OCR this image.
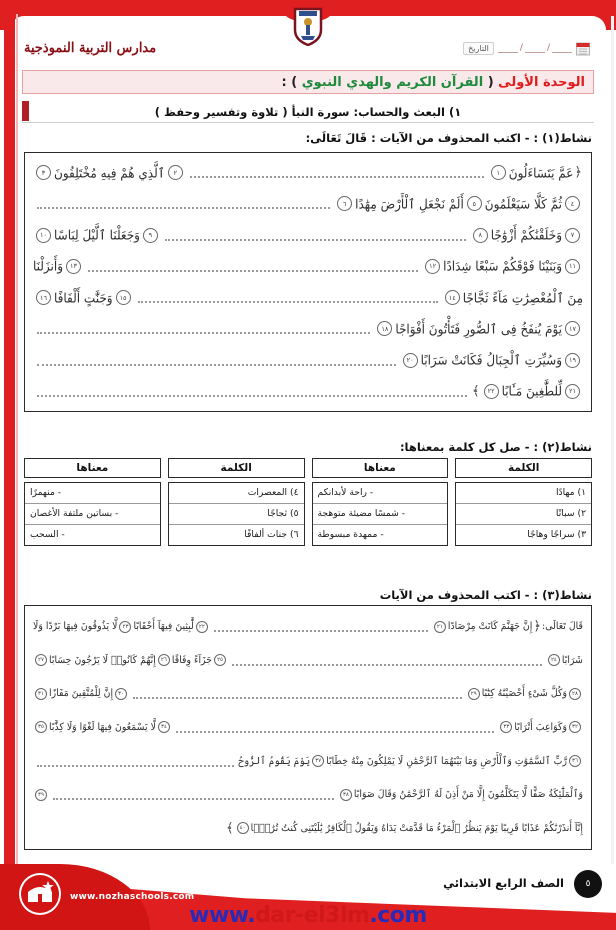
/
/
التاريخ
مدارس التربية النموذجية
الوحدة الأولى ( القرآن الكريم والهدي النبوي ) :
١) البعث والحساب: سورة النبأ ( تلاوة وتفسير وحفظ )
نشاط(١) : - اكتب المحذوف من الآيات : قَالَ تَعَالَى:
﴿
عَمَّ يَتَسَاءَلُونَ
١
٢
ٱلَّذِي هُمْ فِيهِ مُخْتَلِفُونَ
٣
٤
ثُمَّ كَلَّا سَيَعْلَمُونَ
٥
أَلَمْ نَجْعَلِ ٱلْأَرْضَ مِهَٰدًا
٦
٧
وَخَلَقْنَٰكُمْ أَزْوَٰجًا
٨
٩
وَجَعَلْنَا ٱلَّيْلَ لِبَاسًا
١٠
١١
وَبَنَيْنَا فَوْقَكُمْ سَبْعًا شِدَادًا
١٢
١٣
وَأَنزَلْنَا
مِنَ ٱلْمُعْصِرَٰتِ مَآءً ثَجَّاجًا
١٤
١٥
وَجَنَّٰتٍ أَلْفَافًا
١٦
١٧
يَوْمَ يُنفَخُ فِى ٱلصُّورِ فَتَأْتُونَ أَفْوَاجًا
١٨
١٩
وَسُيِّرَتِ ٱلْجِبَالُ فَكَانَتْ سَرَابًا
٢٠
٢١
لِّلطَّٰغِينَ مَـَٔابًا
٢٢
﴾
نشاط(٢) : - صل كل كلمة بمعناها:
الكلمة
١) مهادًا
٢) سباتًا
٣) سراجًا وهاجًا
معناها
- راحة لأبدانكم
- شمسًا مضيئة متوهجة
- ممهدة مبسوطة
الكلمة
٤) المعصرات
٥) ثجاجًا
٦) جنات ألفافًا
معناها
- منهمرًا
- بساتين ملتفة الأغصان
- السحب
نشاط(٣) : - اكتب المحذوف من الآيات
قَالَ تَعَالَى:
﴿
إِنَّ جَهَنَّمَ كَانَتْ مِرْصَادًا
٢١
٢٢
لَّٰبِثِينَ فِيهَآ أَحْقَابًا
٢٣
لَّا يَذُوقُونَ فِيهَا بَرْدًا وَلَا
شَرَابًا
٢٤
٢٥
جَزَآءً وِفَاقًا
٢٦
إِنَّهُمْ كَانُوا۟ لَا يَرْجُونَ حِسَابًا
٢٧
٢٨
وَكُلَّ شَىْءٍ أَحْصَيْنَٰهُ كِتَٰبًا
٢٩
٣٠
إِنَّ لِلْمُتَّقِينَ مَفَازًا
٣١
٣٢
وَكَوَاعِبَ أَتْرَابًا
٣٣
٣٤
لَّا يَسْمَعُونَ فِيهَا لَغْوًا وَلَا كِذَّٰبًا
٣٥
٣٦
رَّبِّ ٱلسَّمَٰوَٰتِ وَٱلْأَرْضِ وَمَا بَيْنَهُمَا ٱلرَّحْمَٰنِ لَا يَمْلِكُونَ مِنْهُ خِطَابًا
٣٧
يَوْمَ يَقُومُ ٱلرُّوحُ
وَٱلْمَلَٰٓئِكَةُ صَفًّا لَّا يَتَكَلَّمُونَ إِلَّا مَنْ أَذِنَ لَهُ ٱلرَّحْمَٰنُ وَقَالَ صَوَابًا
٣٨
٣٩
إِنَّآ أَنذَرْنَٰكُمْ عَذَابًا قَرِيبًا يَوْمَ يَنظُرُ ٱلْمَرْءُ مَا قَدَّمَتْ يَدَاهُ وَيَقُولُ ٱلْكَافِرُ يَٰلَيْتَنِى كُنتُ تُرَٰبًۢا
٤٠
﴾
www.nozhaschools.com
الصف الرابع الابتدائي	٥
www.dar-el3lm.com
